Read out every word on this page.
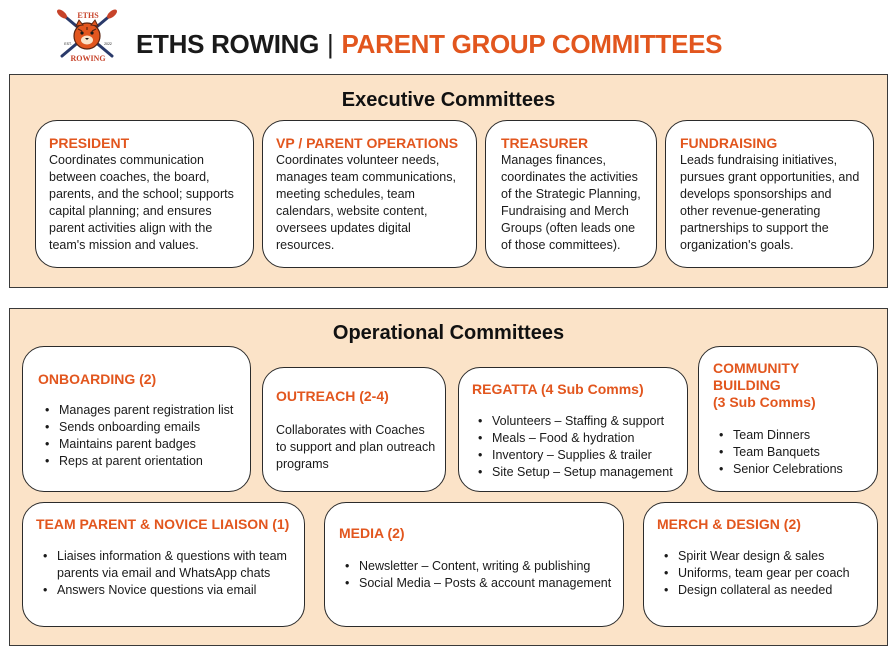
ETHS
ROWING
EST.	2022 ETHS ROWING | PARENT GROUP COMMITTEES
Executive Committees
PRESIDENT
Coordinates communication
between coaches, the board,
parents, and the school; supports
capital planning; and ensures
parent activities align with the
team's mission and values.
VP / PARENT OPERATIONS
Coordinates volunteer needs,
manages team communications,
meeting schedules, team
calendars, website content,
oversees updates digital
resources.
TREASURER
Manages finances,
coordinates the activities
of the Strategic Planning,
Fundraising and Merch
Groups (often leads one
of those committees).
FUNDRAISING
Leads fundraising initiatives,
pursues grant opportunities, and
develops sponsorships and
other revenue-generating
partnerships to support the
organization's goals.
Operational Committees
ONBOARDING (2)
• Manages parent registration list
• Sends onboarding emails
• Maintains parent badges
• Reps at parent orientation
OUTREACH (2-4)
Collaborates with Coaches
to support and plan outreach
programs
REGATTA (4 Sub Comms)
• Volunteers – Staffing & support
• Meals – Food & hydration
• Inventory – Supplies & trailer
• Site Setup – Setup management
COMMUNITY
BUILDING
(3 Sub Comms)
• Team Dinners
• Team Banquets
• Senior Celebrations
TEAM PARENT & NOVICE LIAISON (1)
• Liaises information & questions with team
parents via email and WhatsApp chats
• Answers Novice questions via email
MEDIA (2)
• Newsletter – Content, writing & publishing
• Social Media – Posts & account management
MERCH & DESIGN (2)
• Spirit Wear design & sales
• Uniforms, team gear per coach
• Design collateral as needed
